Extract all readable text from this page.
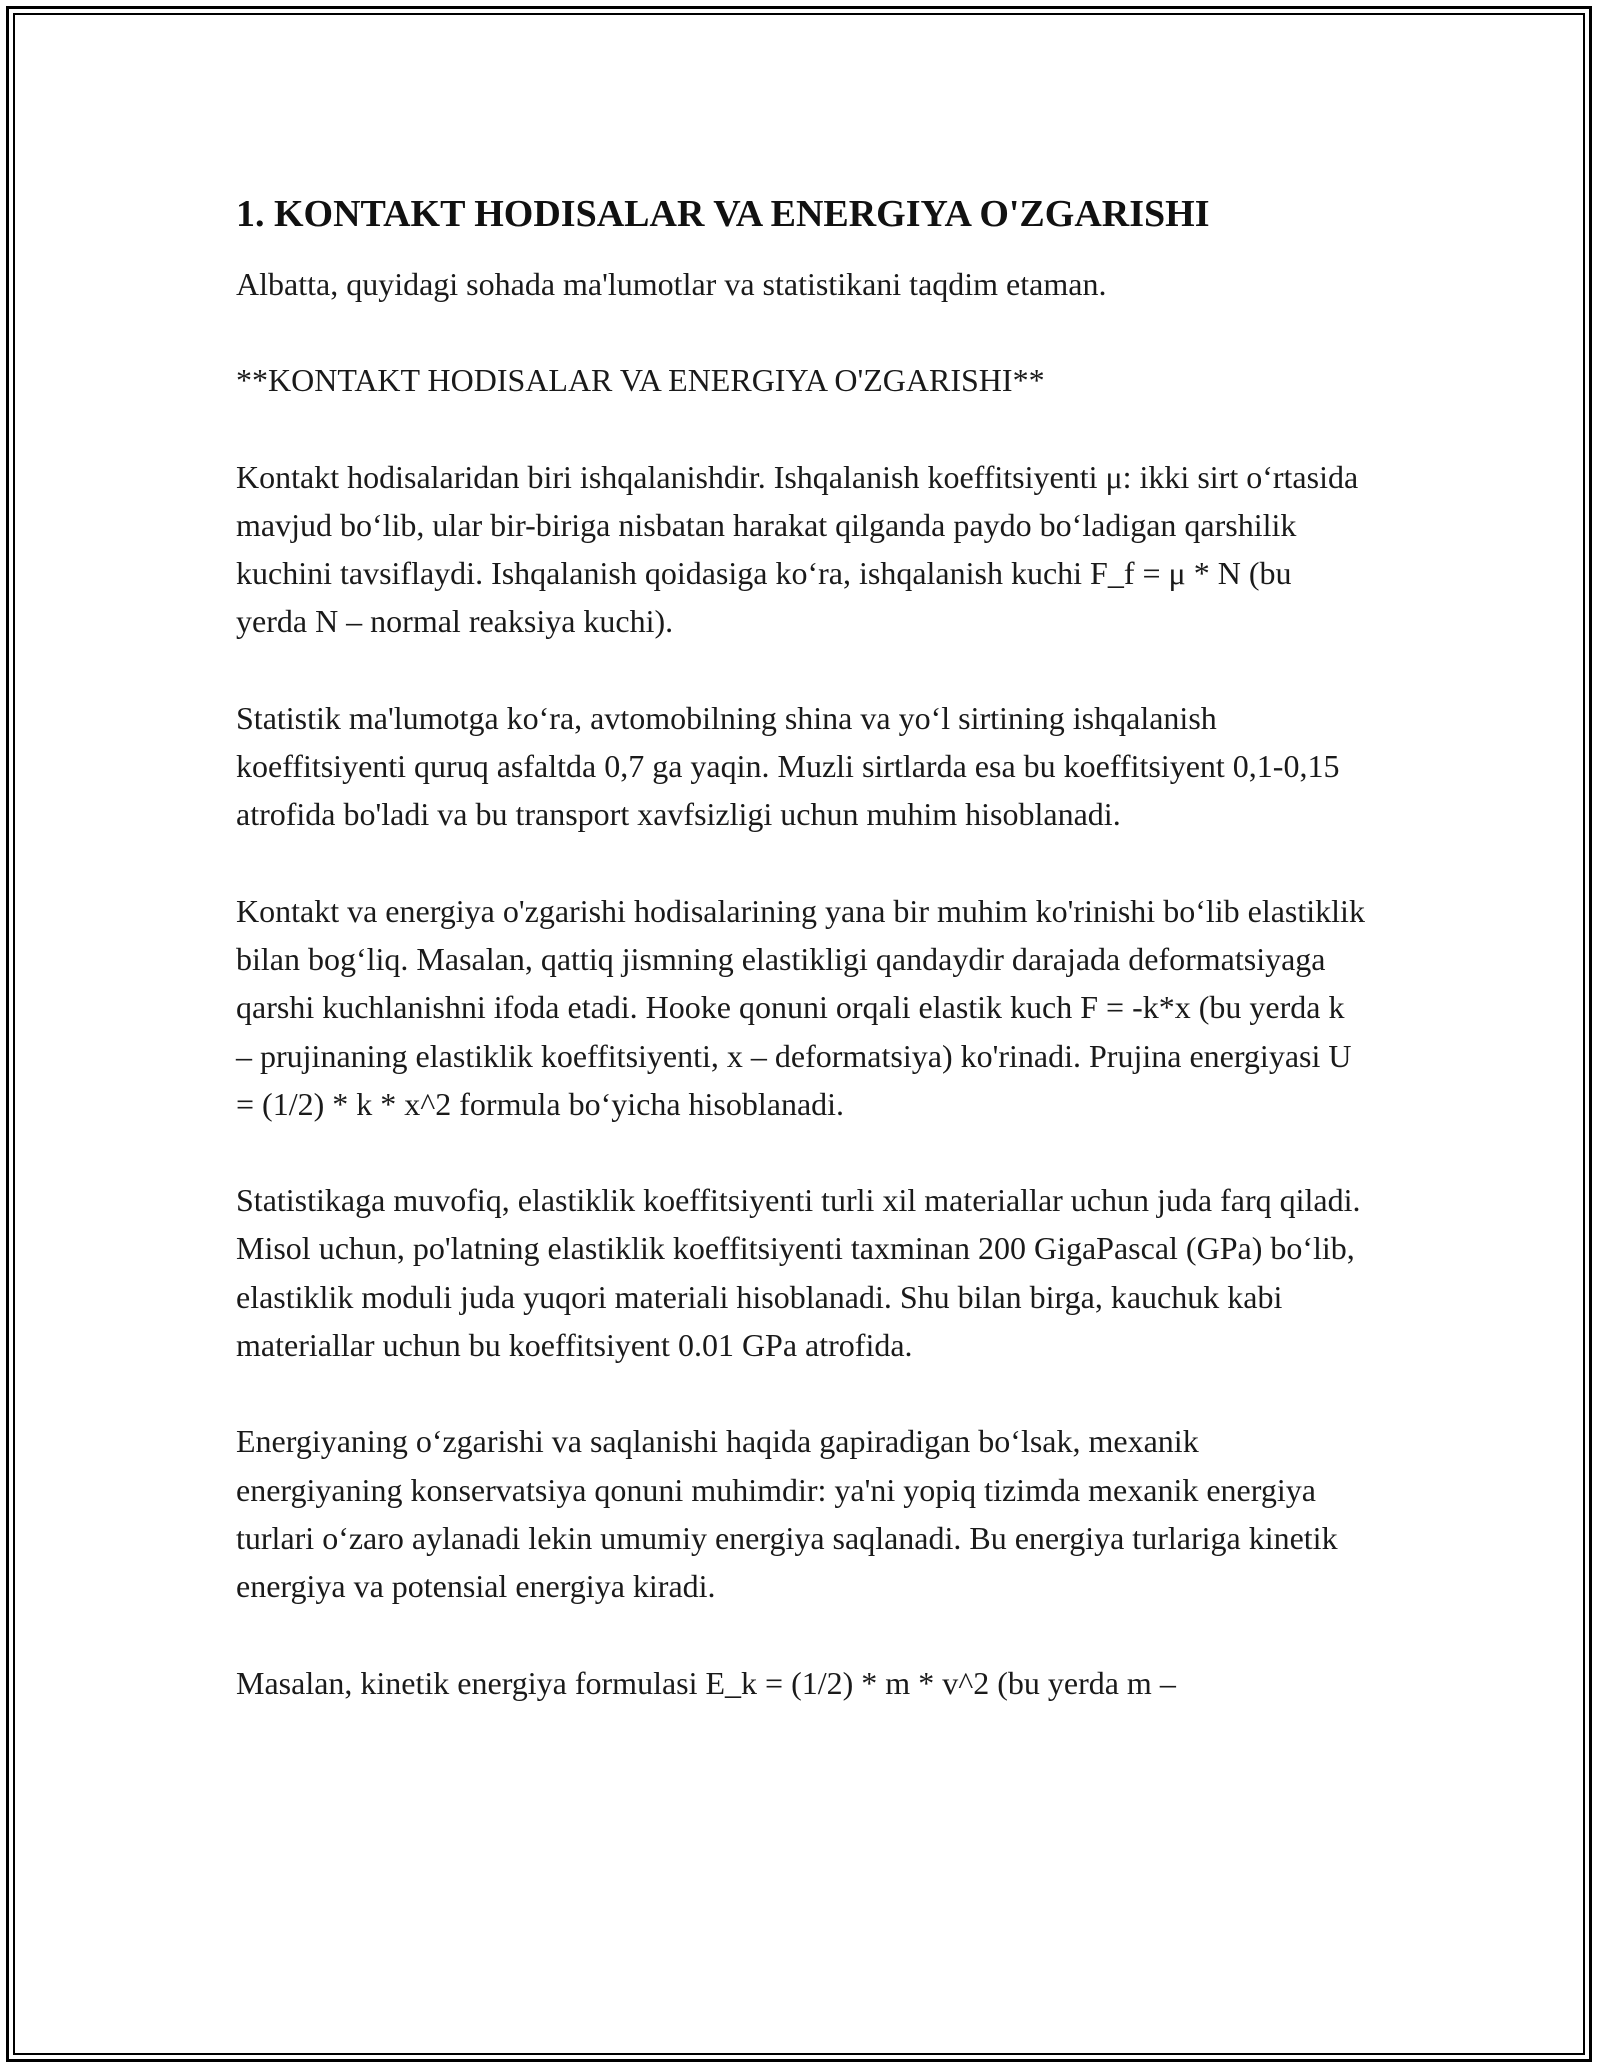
1. KONTAKT HODISALAR VA ENERGIYA O'ZGARISHI

Albatta, quyidagi sohada ma'lumotlar va statistikani taqdim etaman.

**KONTAKT HODISALAR VA ENERGIYA O'ZGARISHI**

Kontakt hodisalaridan biri ishqalanishdir. Ishqalanish koeffitsiyenti μ: ikki sirt oʻrtasida mavjud boʻlib, ular bir-biriga nisbatan harakat qilganda paydo boʻladigan qarshilik kuchini tavsiflaydi. Ishqalanish qoidasiga koʻra, ishqalanish kuchi F_f = μ * N (bu yerda N – normal reaksiya kuchi).

Statistik ma'lumotga koʻra, avtomobilning shina va yoʻl sirtining ishqalanish koeffitsiyenti quruq asfaltda 0,7 ga yaqin. Muzli sirtlarda esa bu koeffitsiyent 0,1-0,15 atrofida bo'ladi va bu transport xavfsizligi uchun muhim hisoblanadi.

Kontakt va energiya o'zgarishi hodisalarining yana bir muhim ko'rinishi boʻlib elastiklik bilan bogʻliq. Masalan, qattiq jismning elastikligi qandaydir darajada deformatsiyaga qarshi kuchlanishni ifoda etadi. Hooke qonuni orqali elastik kuch F = -k*x (bu yerda k – prujinaning elastiklik koeffitsiyenti, x – deformatsiya) ko'rinadi. Prujina energiyasi U = (1/2) * k * x^2 formula boʻyicha hisoblanadi.

Statistikaga muvofiq, elastiklik koeffitsiyenti turli xil materiallar uchun juda farq qiladi. Misol uchun, po'latning elastiklik koeffitsiyenti taxminan 200 GigaPascal (GPa) boʻlib, elastiklik moduli juda yuqori materiali hisoblanadi. Shu bilan birga, kauchuk kabi materiallar uchun bu koeffitsiyent 0.01 GPa atrofida.

Energiyaning oʻzgarishi va saqlanishi haqida gapiradigan boʻlsak, mexanik energiyaning konservatsiya qonuni muhimdir: ya'ni yopiq tizimda mexanik energiya turlari oʻzaro aylanadi lekin umumiy energiya saqlanadi. Bu energiya turlariga kinetik energiya va potensial energiya kiradi.

Masalan, kinetik energiya formulasi E_k = (1/2) * m * v^2 (bu yerda m –
